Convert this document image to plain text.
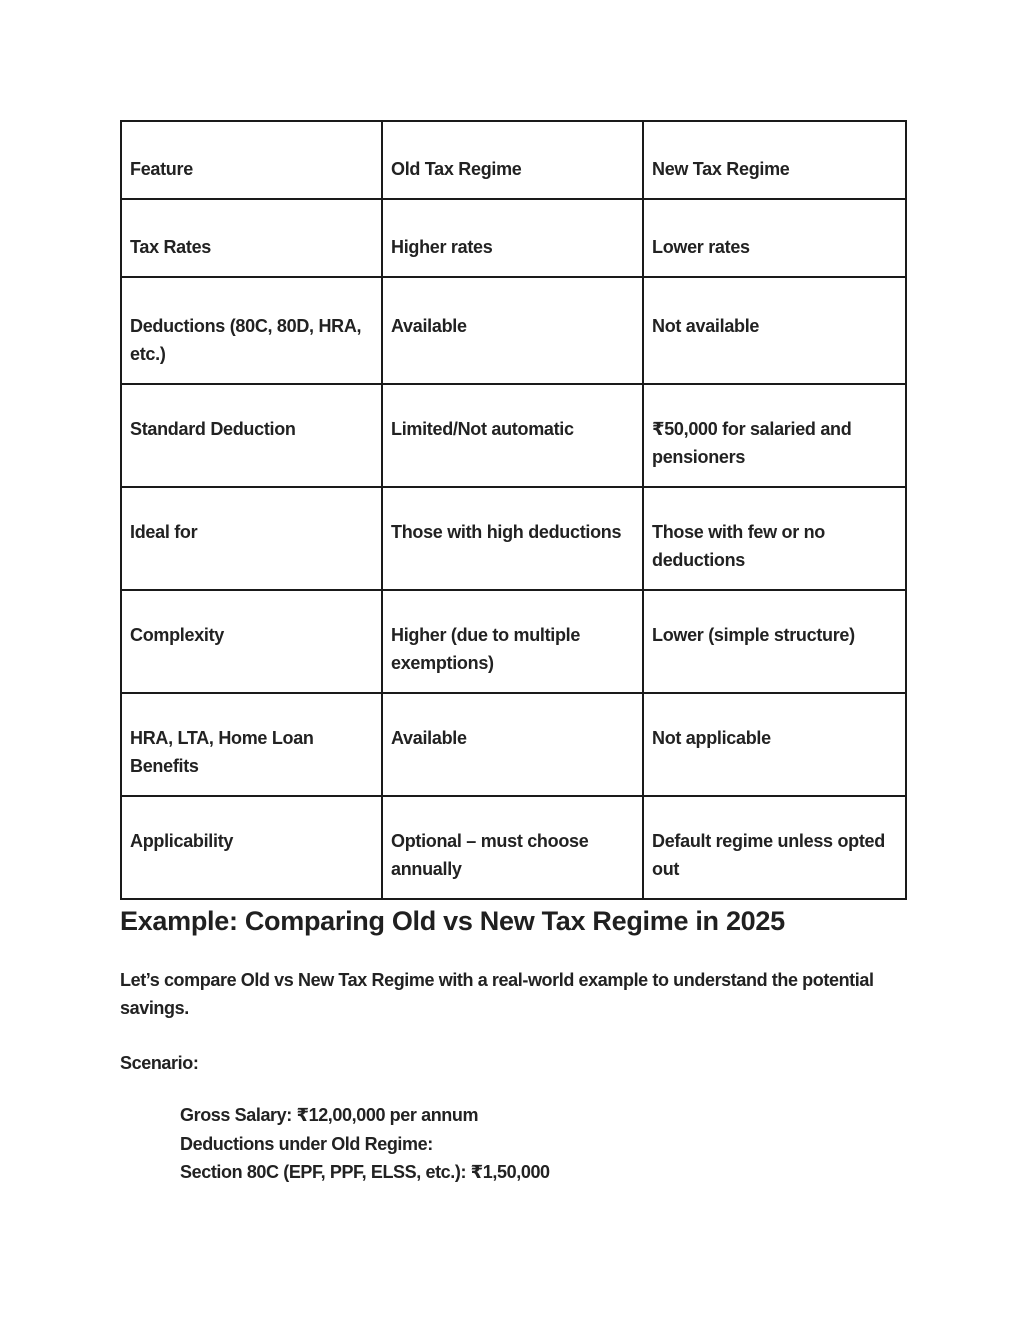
Feature	Old Tax Regime	New Tax Regime
Tax Rates	Higher rates	Lower rates
Deductions (80C, 80D, HRA, etc.)	Available	Not available
Standard Deduction	Limited/Not automatic	₹50,000 for salaried and pensioners
Ideal for	Those with high deductions	Those with few or no deductions
Complexity	Higher (due to multiple exemptions)	Lower (simple structure)
HRA, LTA, Home Loan Benefits	Available	Not applicable
Applicability	Optional – must choose annually	Default regime unless opted out
Example: Comparing Old vs New Tax Regime in 2025

Let’s compare Old vs New Tax Regime with a real-world example to understand the potential savings.

Scenario:

Gross Salary: ₹12,00,000 per annum
Deductions under Old Regime:
Section 80C (EPF, PPF, ELSS, etc.): ₹1,50,000
